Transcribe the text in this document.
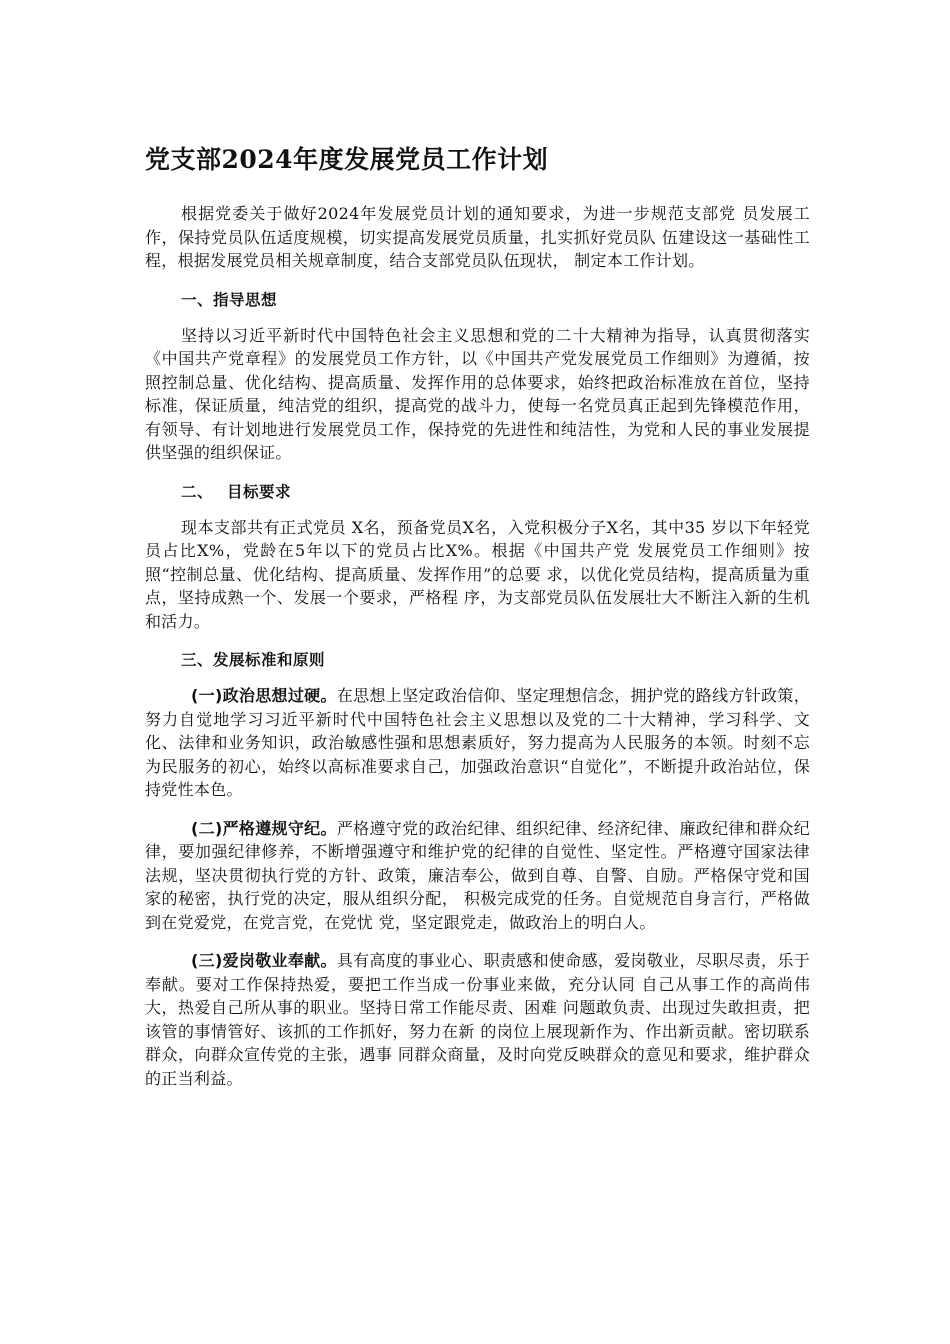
党支部2024年度发展党员工作计划

根据党委关于做好2024年发展党员计划的通知要求，为进一步规范支部党 员发展工作，保持党员队伍适度规模，切实提高发展党员质量，扎实抓好党员队 伍建设这一基础性工程，根据发展党员相关规章制度，结合支部党员队伍现状， 制定本工作计划。

一、指导思想

坚持以习近平新时代中国特色社会主义思想和党的二十大精神为指导，认真贯彻落实《中国共产党章程》的发展党员工作方针，以《中国共产党发展党员工作细则》为遵循，按照控制总量、优化结构、提高质量、发挥作用的总体要求，始终把政治标准放在首位，坚持标准，保证质量，纯洁党的组织，提高党的战斗力，使每一名党员真正起到先锋模范作用，有领导、有计划地进行发展党员工作，保持党的先进性和纯洁性，为党和人民的事业发展提供坚强的组织保证。

二、 目标要求

现本支部共有正式党员 X名，预备党员X名，入党积极分子X名，其中35 岁以下年轻党员占比X%，党龄在5年以下的党员占比X%。根据《中国共产党 发展党员工作细则》按照“控制总量、优化结构、提高质量、发挥作用”的总要 求，以优化党员结构，提高质量为重点，坚持成熟一个、发展一个要求，严格程 序，为支部党员队伍发展壮大不断注入新的生机和活力。

三、发展标准和原则

(一)政治思想过硬。在思想上坚定政治信仰、坚定理想信念，拥护党的路线方针政策，努力自觉地学习习近平新时代中国特色社会主义思想以及党的二十大精神，学习科学、文化、法律和业务知识，政治敏感性强和思想素质好，努力提高为人民服务的本领。时刻不忘为民服务的初心，始终以高标准要求自己，加强政治意识“自觉化”，不断提升政治站位，保持党性本色。

(二)严格遵规守纪。严格遵守党的政治纪律、组织纪律、经济纪律、廉政纪律和群众纪律，要加强纪律修养，不断增强遵守和维护党的纪律的自觉性、坚定性。严格遵守国家法律法规，坚决贯彻执行党的方针、政策，廉洁奉公，做到自尊、自警、自励。严格保守党和国家的秘密，执行党的决定，服从组织分配， 积极完成党的任务。自觉规范自身言行，严格做到在党爱党，在党言党，在党忧 党，坚定跟党走，做政治上的明白人。

(三)爱岗敬业奉献。具有高度的事业心、职责感和使命感，爱岗敬业，尽职尽责，乐于奉献。要对工作保持热爱，要把工作当成一份事业来做，充分认同 自己从事工作的高尚伟大，热爱自己所从事的职业。坚持日常工作能尽责、困难 问题敢负责、出现过失敢担责，把该管的事情管好、该抓的工作抓好，努力在新 的岗位上展现新作为、作出新贡献。密切联系群众，向群众宣传党的主张，遇事 同群众商量，及时向党反映群众的意见和要求，维护群众的正当利益。
